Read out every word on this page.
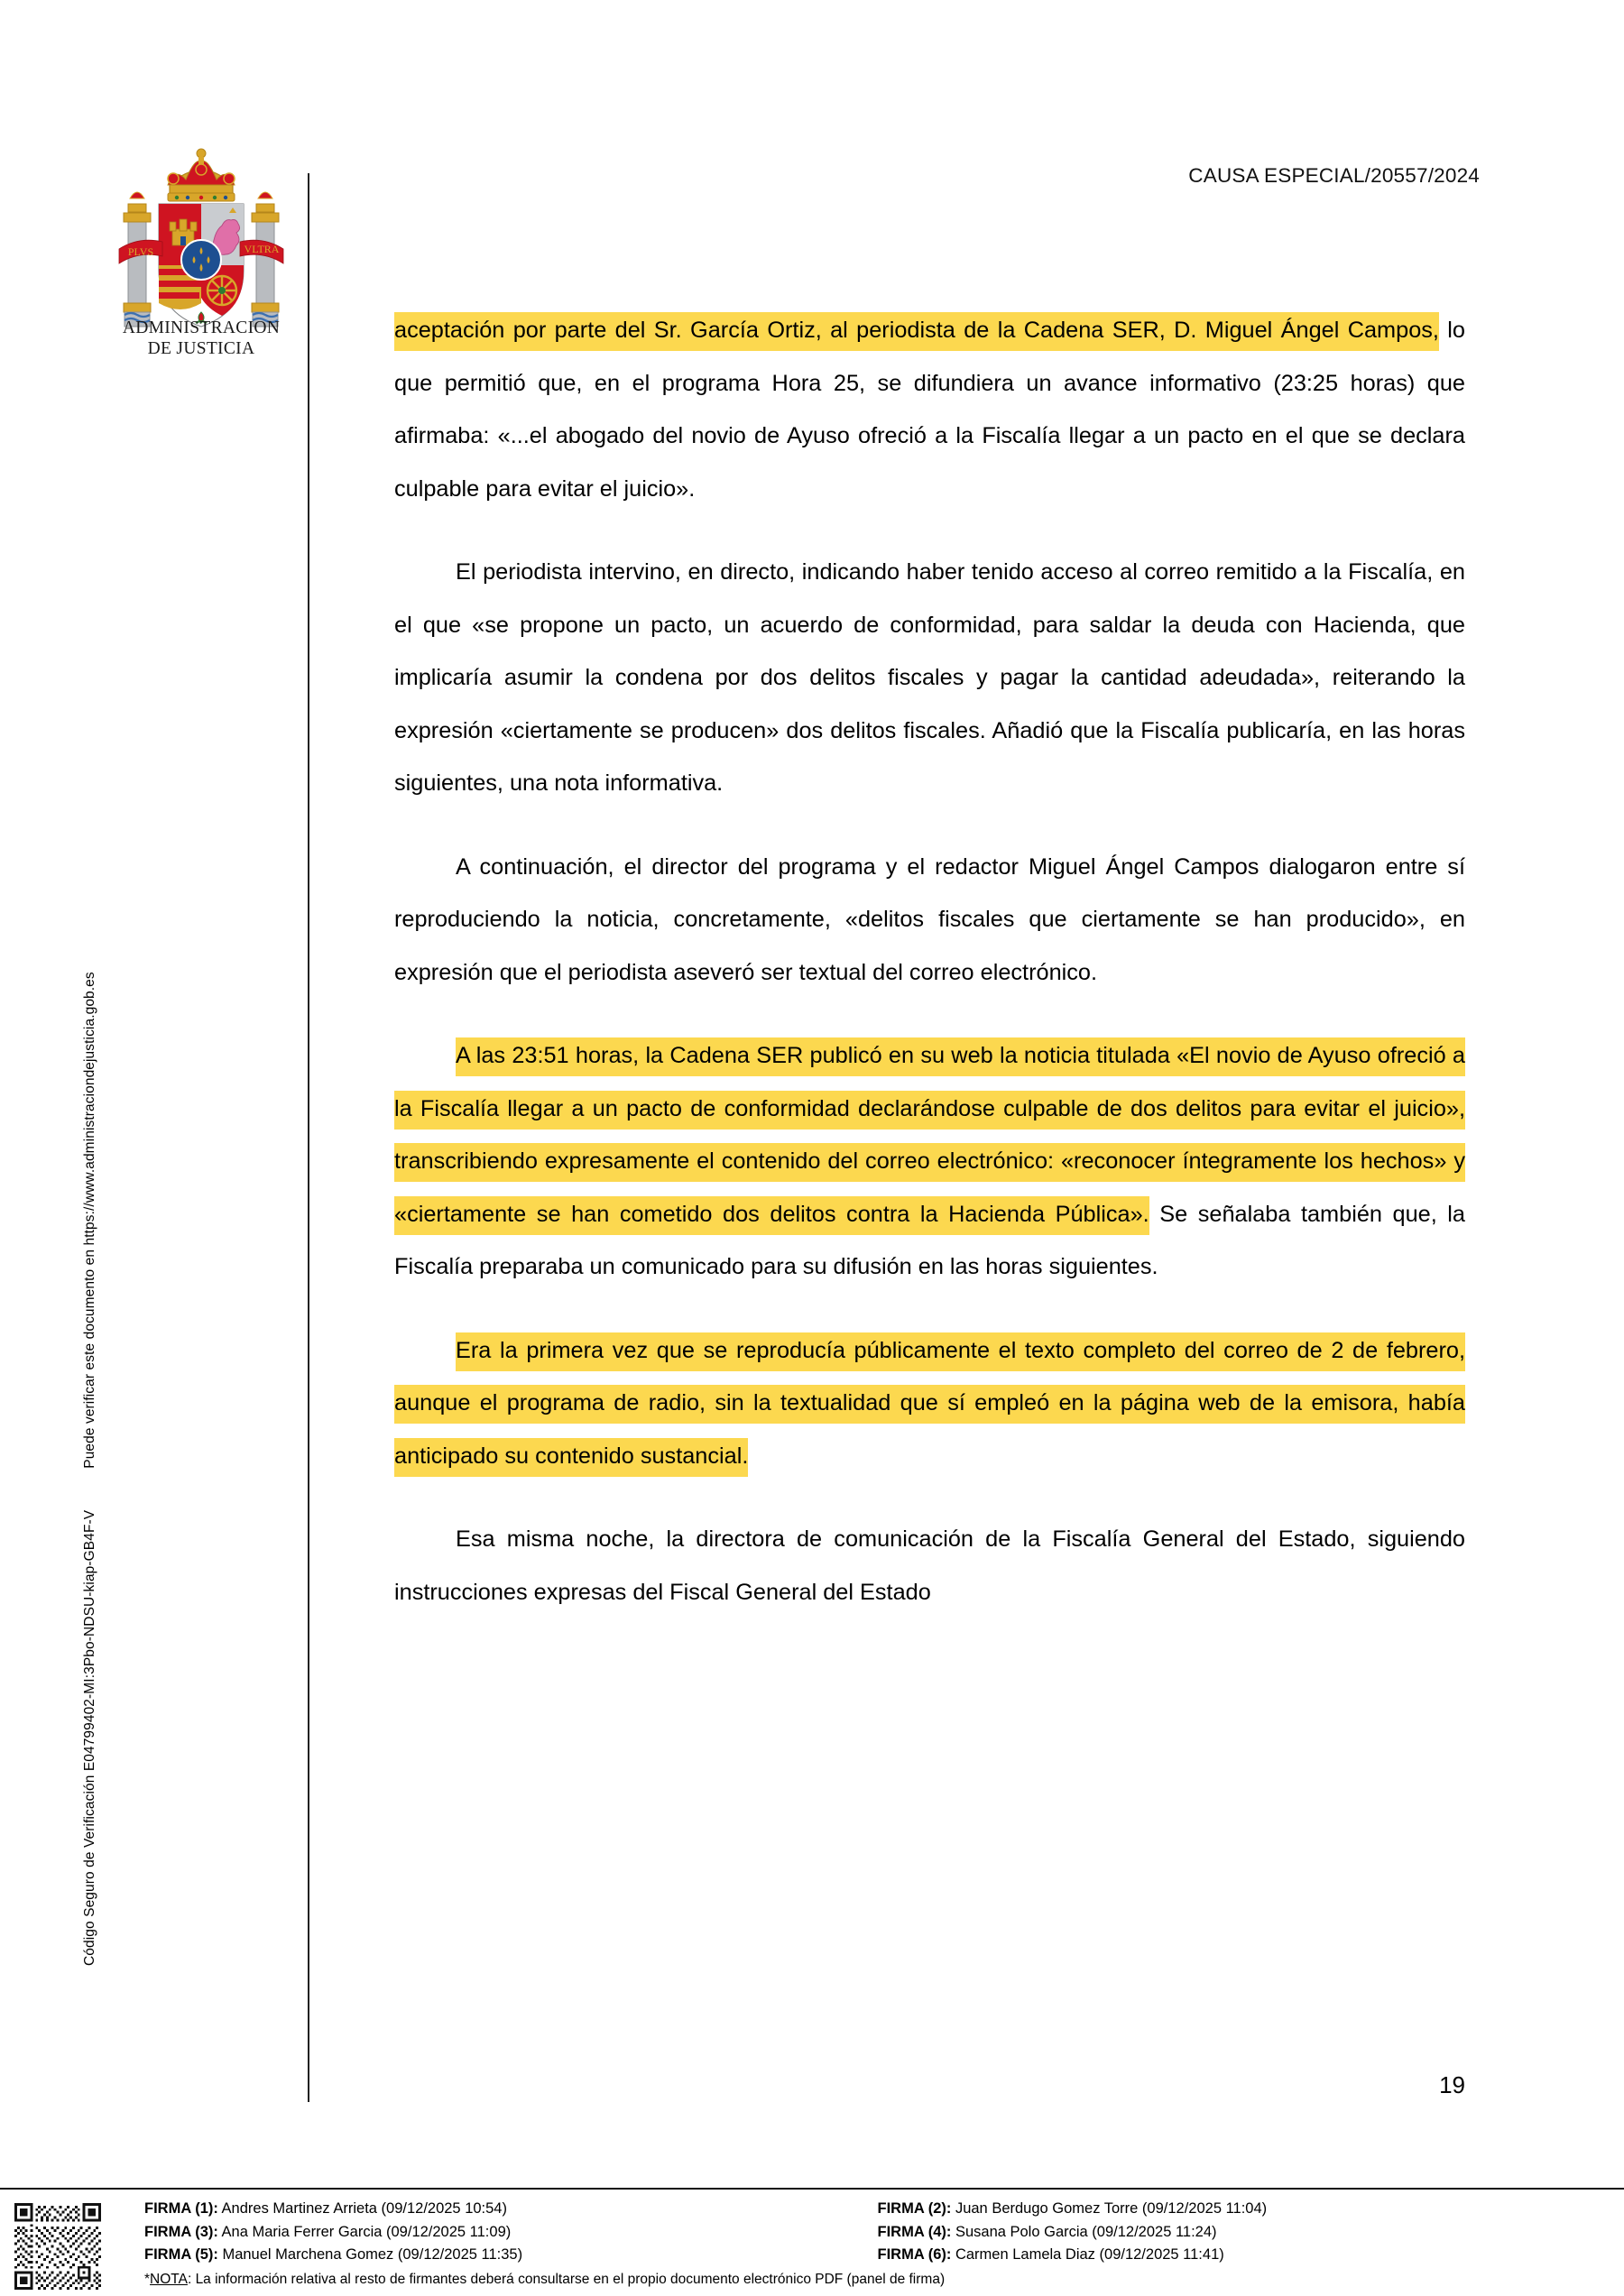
Código Seguro de Verificación E04799402-MI:3Pbo-NDSU-kiap-GB4F-VPuede verificar este documento en https://www.administraciondejusticia.gob.es
PLVS	VLTRA
ADMINISTRACION
DE JUSTICIA
CAUSA ESPECIAL/20557/2024

aceptación por parte del Sr. García Ortiz, al periodista de la Cadena SER, D. Miguel Ángel Campos, lo que permitió que, en el programa Hora 25, se difundiera un avance informativo (23:25 horas) que afirmaba: «...el abogado del novio de Ayuso ofreció a la Fiscalía llegar a un pacto en el que se declara culpable para evitar el juicio».

El periodista intervino, en directo, indicando haber tenido acceso al correo remitido a la Fiscalía, en el que «se propone un pacto, un acuerdo de conformidad, para saldar la deuda con Hacienda, que implicaría asumir la condena por dos delitos fiscales y pagar la cantidad adeudada», reiterando la expresión «ciertamente se producen» dos delitos fiscales. Añadió que la Fiscalía publicaría, en las horas siguientes, una nota informativa.

A continuación, el director del programa y el redactor Miguel Ángel Campos dialogaron entre sí reproduciendo la noticia, concretamente, «delitos fiscales que ciertamente se han producido», en expresión que el periodista aseveró ser textual del correo electrónico.

A las 23:51 horas, la Cadena SER publicó en su web la noticia titulada «El novio de Ayuso ofreció a la Fiscalía llegar a un pacto de conformidad declarándose culpable de dos delitos para evitar el juicio», transcribiendo expresamente el contenido del correo electrónico: «reconocer íntegramente los hechos» y «ciertamente se han cometido dos delitos contra la Hacienda Pública». Se señalaba también que, la Fiscalía preparaba un comunicado para su difusión en las horas siguientes.

Era la primera vez que se reproducía públicamente el texto completo del correo de 2 de febrero, aunque el programa de radio, sin la textualidad que sí empleó en la página web de la emisora, había anticipado su contenido sustancial.

Esa misma noche, la directora de comunicación de la Fiscalía General del Estado, siguiendo instrucciones expresas del Fiscal General del Estado

19
FIRMA (1): Andres Martinez Arrieta (09/12/2025 10:54)	FIRMA (2): Juan Berdugo Gomez Torre (09/12/2025 11:04)
FIRMA (3): Ana Maria Ferrer Garcia (09/12/2025 11:09)	FIRMA (4): Susana Polo Garcia (09/12/2025 11:24)
FIRMA (5): Manuel Marchena Gomez (09/12/2025 11:35)	FIRMA (6): Carmen Lamela Diaz (09/12/2025 11:41)
*NOTA: La información relativa al resto de firmantes deberá consultarse en el propio documento electrónico PDF (panel de firma)
